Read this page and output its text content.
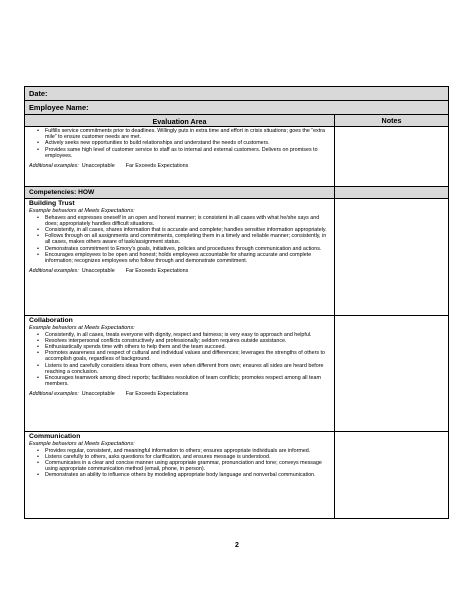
Date:
Employee Name:
Evaluation Area	Notes
• Fulfills service commitments prior to deadlines. Willingly puts in extra time and effort in crisis situations; goes the “extra mile” to ensure customer needs are met.
• Actively seeks new opportunities to build relationships and understand the needs of customers.
• Provides same high level of customer service to staff as to internal and external customers. Delivers on promises to employees.
Additional examples: Unacceptable Far Exceeds Expectations
Competencies: HOW
Building Trust
Example behaviors at Meets Expectations:
• Behaves and expresses oneself in an open and honest manner; is consistent in all cases with what he/she says and does; appropriately handles difficult situations.
• Consistently, in all cases, shares information that is accurate and complete; handles sensitive information appropriately.
• Follows through on all assignments and commitments, completing them in a timely and reliable manner; consistently, in all cases, makes others aware of task/assignment status.
• Demonstrates commitment to Emory's goals, initiatives, policies and procedures through communication and actions.
• Encourages employees to be open and honest; holds employees accountable for sharing accurate and complete information; recognizes employees who follow through and demonstrate commitment.
Additional examples: Unacceptable Far Exceeds Expectations
Collaboration
Example behaviors at Meets Expectations:
• Consistently, in all cases, treats everyone with dignity, respect and fairness; is very easy to approach and helpful.
• Resolves interpersonal conflicts constructively and professionally; seldom requires outside assistance.
• Enthusiastically spends time with others to help them and the team succeed.
• Promotes awareness and respect of cultural and individual values and differences; leverages the strengths of others to accomplish goals, regardless of background.
• Listens to and carefully considers ideas from others, even when different from own; ensures all sides are heard before reaching a conclusion.
• Encourages teamwork among direct reports; facilitates resolution of team conflicts; promotes respect among all team members.
Additional examples: Unacceptable Far Exceeds Expectations
Communication
Example behaviors at Meets Expectations:
• Provides regular, consistent, and meaningful information to others; ensures appropriate individuals are informed.
• Listens carefully to others, asks questions for clarification, and ensures message is understood.
• Communicates in a clear and concise manner using appropriate grammar, pronunciation and tone; conveys message using appropriate communication method (email, phone, in person).
• Demonstrates an ability to influence others by modeling appropriate body language and nonverbal communication.
2
